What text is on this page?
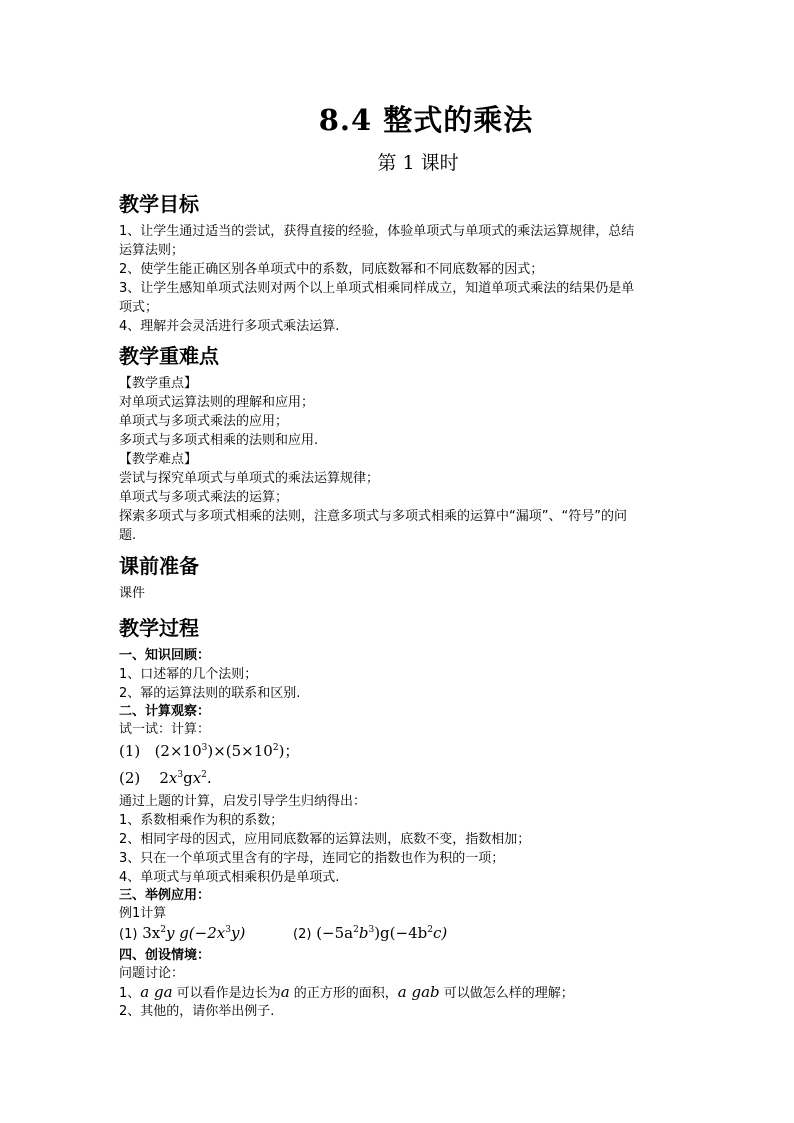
8.4 整式的乘法
第 1 课时
教学目标
1、让学生通过适当的尝试，获得直接的经验，体验单项式与单项式的乘法运算规律，总结
运算法则；
2、使学生能正确区别各单项式中的系数，同底数幂和不同底数幂的因式；
3、让学生感知单项式法则对两个以上单项式相乘同样成立，知道单项式乘法的结果仍是单
项式；
4、理解并会灵活进行多项式乘法运算.
教学重难点
【教学重点】
对单项式运算法则的理解和应用；
单项式与多项式乘法的应用；
多项式与多项式相乘的法则和应用.
【教学难点】
尝试与探究单项式与单项式的乘法运算规律；
单项式与多项式乘法的运算；
探索多项式与多项式相乘的法则，注意多项式与多项式相乘的运算中“漏项”、“符号”的问
题.
课前准备
课件
教学过程
一、知识回顾：
1、口述幂的几个法则；
2、幂的运算法则的联系和区别.
二、计算观察：
试一试：计算：
(1) $(2\times 10^3)\times(5\times 10^2)$；
(2) $2x^3gx^2$.
通过上题的计算，启发引导学生归纳得出：
1、系数相乘作为积的系数；
2、相同字母的因式，应用同底数幂的运算法则，底数不变，指数相加；
3、只在一个单项式里含有的字母，连同它的指数也作为积的一项；
4、单项式与单项式相乘积仍是单项式.
三、举例应用：
例1计算
(1) $3x^2y$ $g(-2x^3y)$	(2) $(-5a^2b^3)g(-4b^2c)$
四、创设情境：
问题讨论：
1、a ga 可以看作是边长为a 的正方形的面积，a gab 可以做怎么样的理解；
2、其他的，请你举出例子.
